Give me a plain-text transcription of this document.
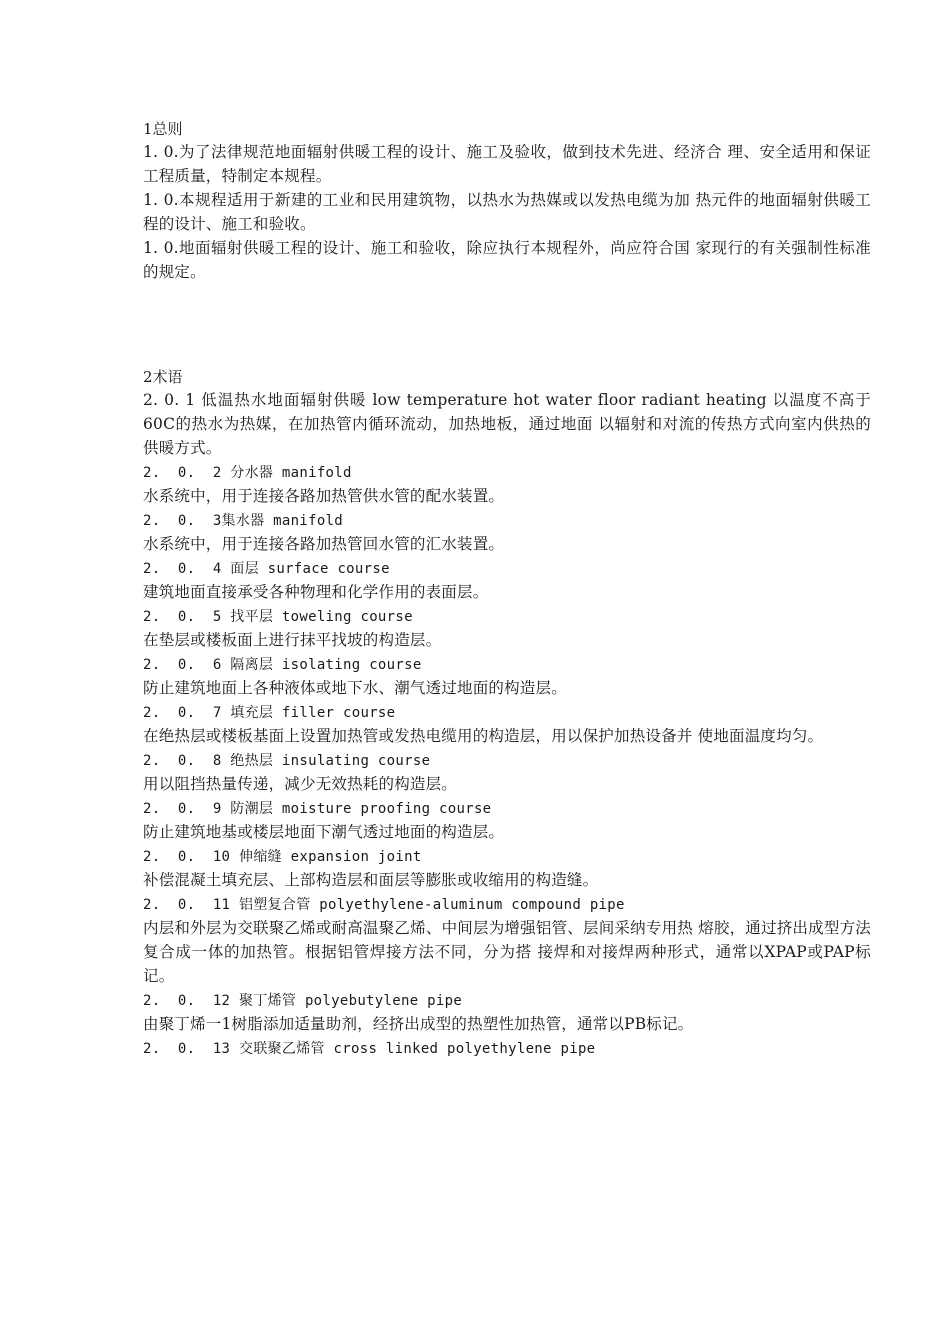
1总则

1. 0.为了法律规范地面辐射供暖工程的设计、施工及验收，做到技术先进、经济合 理、安全适用和保证工程质量，特制定本规程。

1. 0.本规程适用于新建的工业和民用建筑物，以热水为热媒或以发热电缆为加 热元件的地面辐射供暖工程的设计、施工和验收。

1. 0.地面辐射供暖工程的设计、施工和验收，除应执行本规程外，尚应符合国 家现行的有关强制性标准的规定。

2术语

2. 0. 1 低温热水地面辐射供暖 low temperature hot water floor radiant heating 以温度不高于60C的热水为热媒，在加热管内循环流动，加热地板，通过地面 以辐射和对流的传热方式向室内供热的供暖方式。

2.  0.  2 分水器 manifold

水系统中，用于连接各路加热管供水管的配水装置。

2.  0.  3集水器 manifold

水系统中，用于连接各路加热管回水管的汇水装置。

2.  0.  4 面层 surface course

建筑地面直接承受各种物理和化学作用的表面层。

2.  0.  5 找平层 toweling course

在垫层或楼板面上进行抹平找坡的构造层。

2.  0.  6 隔离层 isolating course

防止建筑地面上各种液体或地下水、潮气透过地面的构造层。

2.  0.  7 填充层 filler course

在绝热层或楼板基面上设置加热管或发热电缆用的构造层，用以保护加热设备并 使地面温度均匀。

2.  0.  8 绝热层 insulating course

用以阻挡热量传递，减少无效热耗的构造层。

2.  0.  9 防潮层 moisture proofing course

防止建筑地基或楼层地面下潮气透过地面的构造层。

2.  0.  10 伸缩缝 expansion joint

补偿混凝土填充层、上部构造层和面层等膨胀或收缩用的构造缝。

2.  0.  11 铝塑复合管 polyethylene-aluminum compound pipe

内层和外层为交联聚乙烯或耐高温聚乙烯、中间层为增强铝管、层间采纳专用热 熔胶，通过挤出成型方法复合成一体的加热管。根据铝管焊接方法不同，分为搭 接焊和对接焊两种形式，通常以XPAP或PAP标记。

2.  0.  12 聚丁烯管 polyebutylene pipe

由聚丁烯一1树脂添加适量助剂，经挤出成型的热塑性加热管，通常以PB标记。

2.  0.  13 交联聚乙烯管 cross linked polyethylene pipe
